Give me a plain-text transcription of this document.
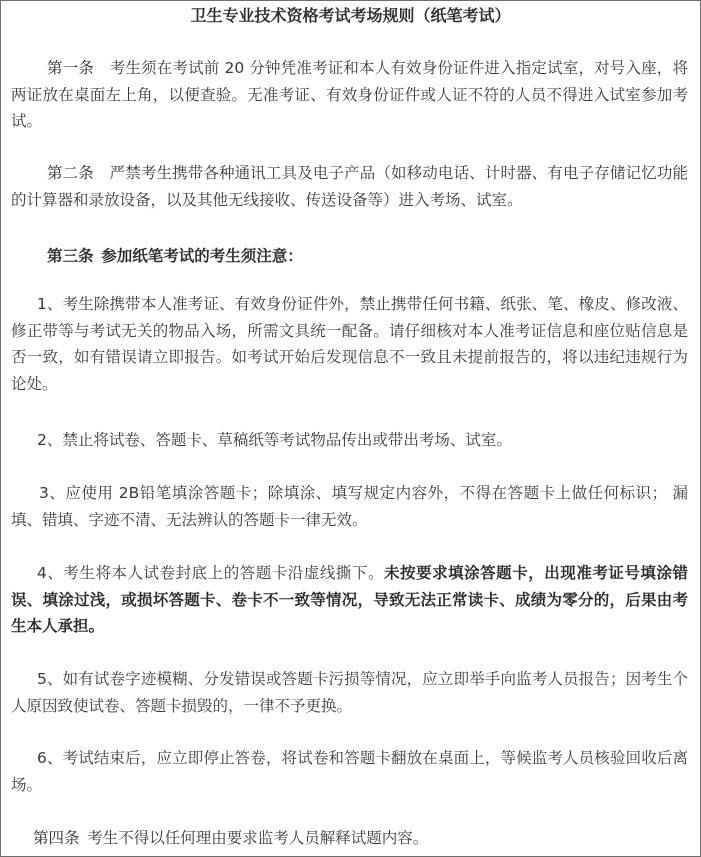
卫生专业技术资格考试考场规则（纸笔考试）

第一条  考生须在考试前 20 分钟凭准考证和本人有效身份证件进入指定试室，对号入座，将两证放在桌面左上角，以便查验。无准考证、有效身份证件或人证不符的人员不得进入试室参加考试。

第二条  严禁考生携带各种通讯工具及电子产品（如移动电话、计时器、有电子存储记忆功能的计算器和录放设备，以及其他无线接收、传送设备等）进入考场、试室。

第三条  参加纸笔考试的考生须注意：

1、考生除携带本人准考证、有效身份证件外，禁止携带任何书籍、纸张、笔、橡皮、修改液、修正带等与考试无关的物品入场，所需文具统一配备。请仔细核对本人准考证信息和座位贴信息是否一致，如有错误请立即报告。如考试开始后发现信息不一致且未提前报告的，将以违纪违规行为论处。

2、禁止将试卷、答题卡、草稿纸等考试物品传出或带出考场、试室。

3、应使用 2B铅笔填涂答题卡；除填涂、填写规定内容外，不得在答题卡上做任何标识； 漏填、错填、字迹不清、无法辨认的答题卡一律无效。

4、考生将本人试卷封底上的答题卡沿虚线撕下。未按要求填涂答题卡，出现准考证号填涂错误、填涂过浅，或损坏答题卡、卷卡不一致等情况，导致无法正常读卡、成绩为零分的，后果由考生本人承担。

5、如有试卷字迹模糊、分发错误或答题卡污损等情况，应立即举手向监考人员报告；因考生个人原因致使试卷、答题卡损毁的，一律不予更换。

6、考试结束后，应立即停止答卷，将试卷和答题卡翻放在桌面上，等候监考人员核验回收后离场。

第四条  考生不得以任何理由要求监考人员解释试题内容。
